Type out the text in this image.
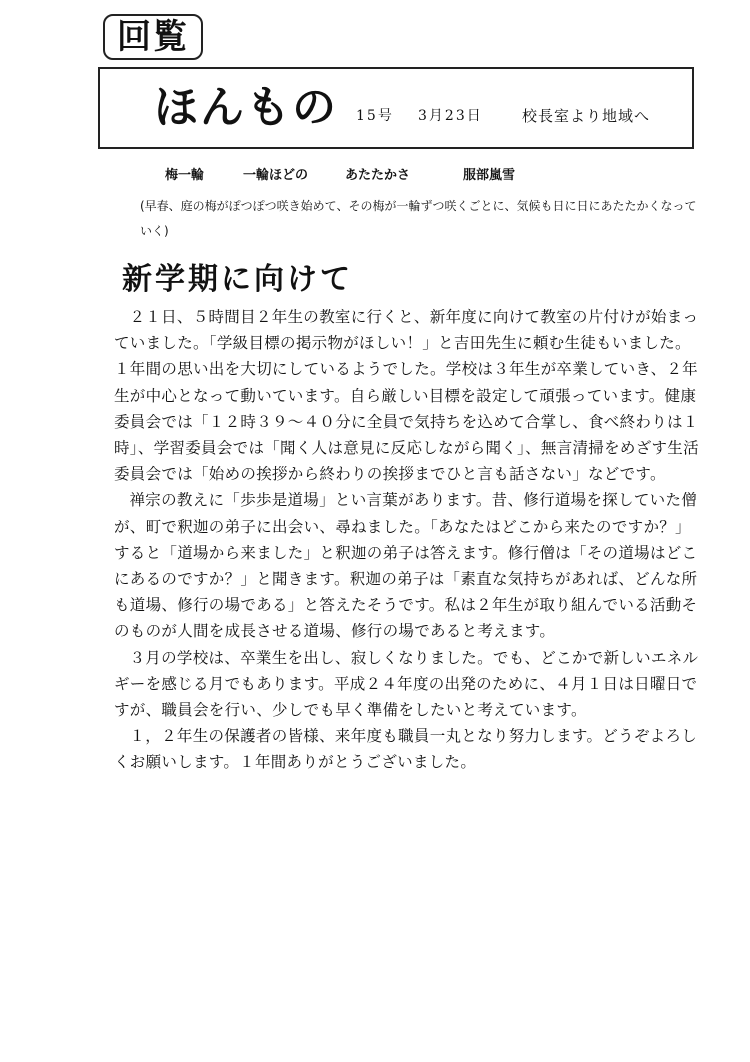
回覧
ほんもの 15号 3月23日	校長室より地域へ
梅一輪	一輪ほどの	あたたかさ	服部嵐雪
(早春、庭の梅がぽつぽつ咲き始めて、その梅が一輪ずつ咲くごとに、気候も日に日にあたたかくなっていく)
新学期に向けて

２１日、５時間目２年生の教室に行くと、新年度に向けて教室の片付けが始まっていました。「学級目標の掲示物がほしい！」と吉田先生に頼む生徒もいました。１年間の思い出を大切にしているようでした。学校は３年生が卒業していき、２年生が中心となって動いています。自ら厳しい目標を設定して頑張っています。健康委員会では「１２時３９～４０分に全員で気持ちを込めて合掌し、食べ終わりは１時」、学習委員会では「聞く人は意見に反応しながら聞く」、無言清掃をめざす生活委員会では「始めの挨拶から終わりの挨拶までひと言も話さない」などです。

禅宗の教えに「歩歩是道場」とい言葉があります。昔、修行道場を探していた僧が、町で釈迦の弟子に出会い、尋ねました。「あなたはどこから来たのですか？」すると「道場から来ました」と釈迦の弟子は答えます。修行僧は「その道場はどこにあるのですか？」と聞きます。釈迦の弟子は「素直な気持ちがあれば、どんな所も道場、修行の場である」と答えたそうです。私は２年生が取り組んでいる活動そのものが人間を成長させる道場、修行の場であると考えます。

３月の学校は、卒業生を出し、寂しくなりました。でも、どこかで新しいエネルギーを感じる月でもあります。平成２４年度の出発のために、４月１日は日曜日ですが、職員会を行い、少しでも早く準備をしたいと考えています。

１，２年生の保護者の皆様、来年度も職員一丸となり努力します。どうぞよろしくお願いします。１年間ありがとうございました。
